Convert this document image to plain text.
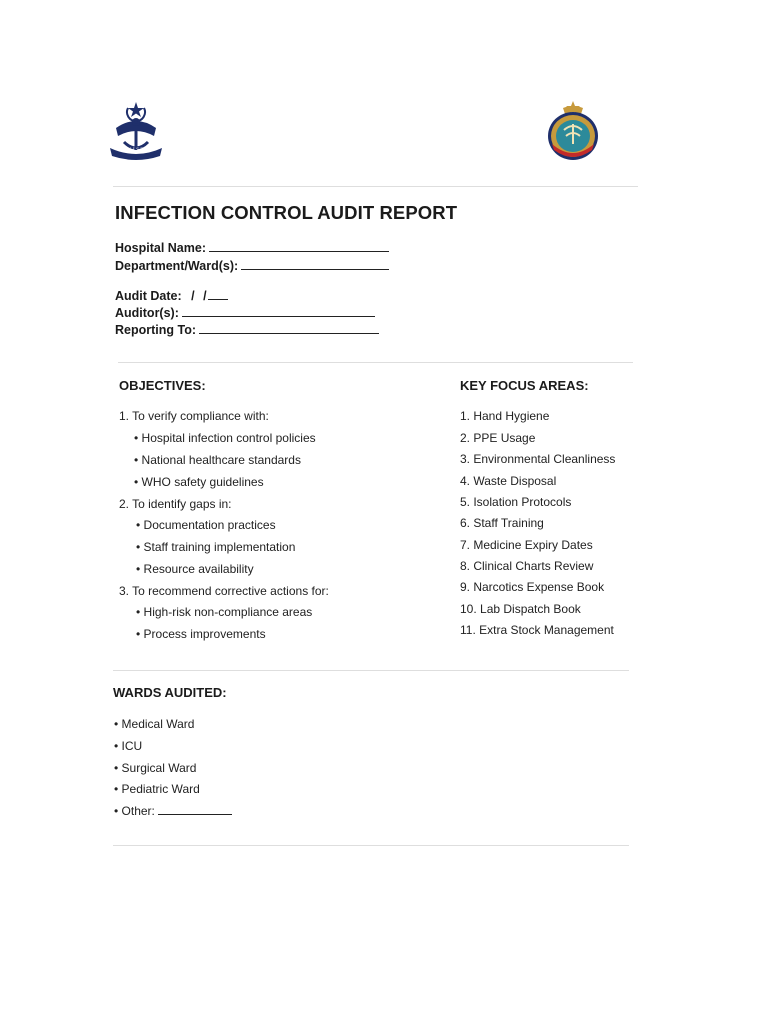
PAKISTAN
INFECTION CONTROL AUDIT REPORT
Hospital Name:
Department/Ward(s):
Audit Date: / /
Auditor(s):
Reporting To:
OBJECTIVES:
1. To verify compliance with:
• Hospital infection control policies
• National healthcare standards
• WHO safety guidelines
2. To identify gaps in:
• Documentation practices
• Staff training implementation
• Resource availability
3. To recommend corrective actions for:
• High-risk non-compliance areas
• Process improvements
KEY FOCUS AREAS:
1. Hand Hygiene
2. PPE Usage
3. Environmental Cleanliness
4. Waste Disposal
5. Isolation Protocols
6. Staff Training
7. Medicine Expiry Dates
8. Clinical Charts Review
9. Narcotics Expense Book
10. Lab Dispatch Book
11. Extra Stock Management
WARDS AUDITED:
• Medical Ward
• ICU
• Surgical Ward
• Pediatric Ward
• Other:
